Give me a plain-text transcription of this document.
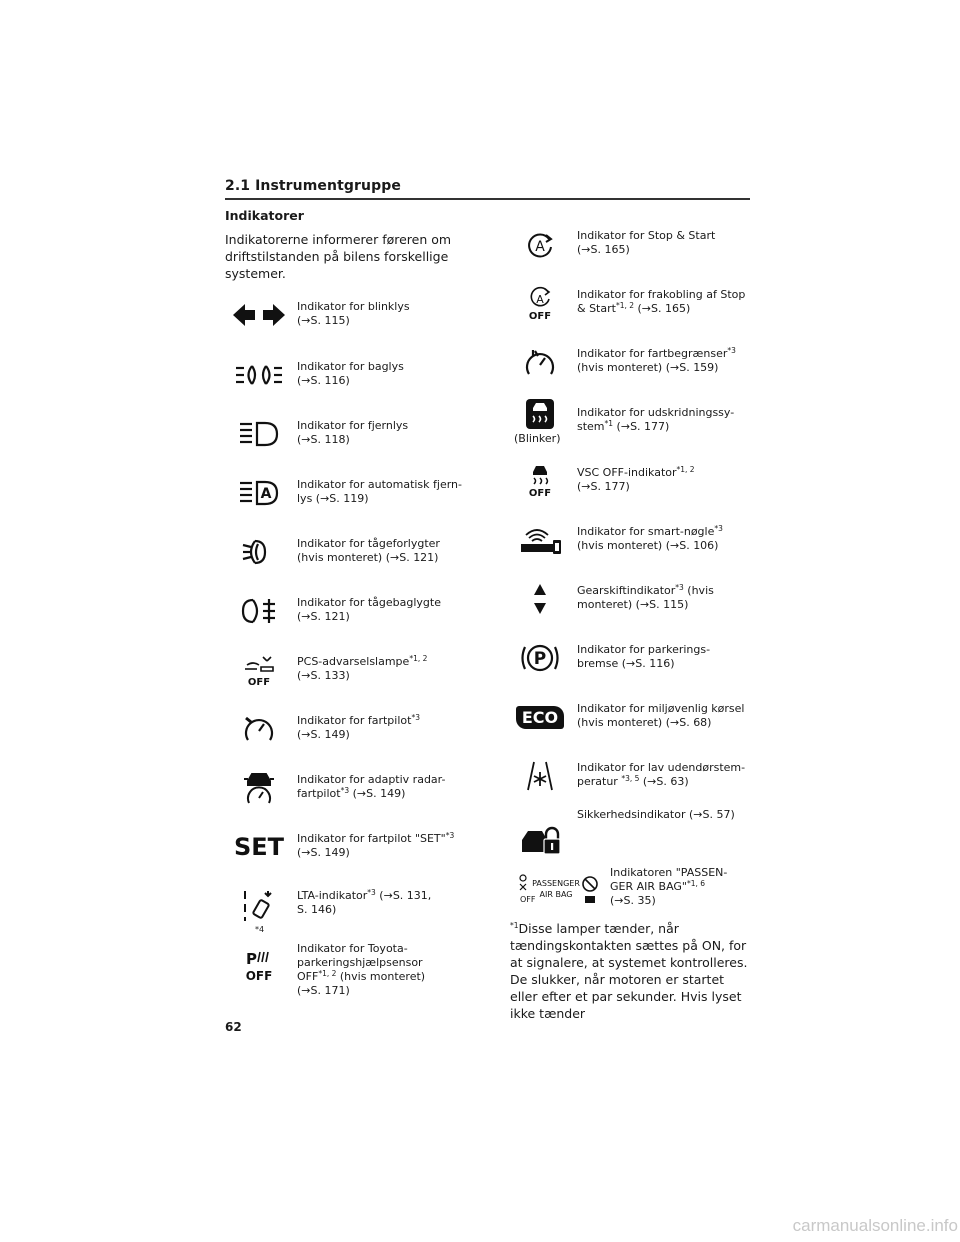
2.1 Instrumentgruppe
Indikatorer

Indikatorerne informerer føreren om driftstilstanden på bilens forskellige systemer.

Indikator for blinklys
(→S. 115)
Indikator for baglys
(→S. 116)
Indikator for fjernlys
(→S. 118)
A
Indikator for automatisk fjern-
lys (→S. 119)
Indikator for tågeforlygter
(hvis monteret) (→S. 121)
Indikator for tågebaglygte
(→S. 121)
OFF
PCS-advarselslampe$^{*1, 2}$
(→S. 133)
Indikator for fartpilot$^{*3}$
(→S. 149)
Indikator for adaptiv radar-
fartpilot$^{*3}$ (→S. 149)
SET Indikator for fartpilot "SET"$^{*3}$
(→S. 149)
*4
LTA-indikator$^{*3}$ (→S. 131,
S. 146)
P
OFF
Indikator for Toyota-
parkeringshjælpsensor
OFF$^{*1, 2}$ (hvis monteret)
(→S. 171)
A
Indikator for Stop & Start
(→S. 165)
A
OFF
Indikator for frakobling af Stop
& Start$^{*1, 2}$ (→S. 165)
Indikator for fartbegrænser$^{*3}$
(hvis monteret) (→S. 159)
(Blinker)
Indikator for udskridningssy-
stem$^{*1}$ (→S. 177)
OFF
VSC OFF-indikator$^{*1, 2}$
(→S. 177)
Indikator for smart-nøgle$^{*3}$
(hvis monteret) (→S. 106)
Gearskiftindikator$^{*3}$ (hvis
monteret) (→S. 115)
P	Indikator for parkerings-
bremse (→S. 116)
ECO	Indikator for miljøvenlig kørsel
(hvis monteret) (→S. 68)
Indikator for lav udendørstem-
peratur $^{*3, 5}$ (→S. 63)
Sikkerhedsindikator (→S. 57)
OFF
PASSENGER
AIR BAG
Indikatoren "PASSEN-
GER AIR BAG"$^{*1, 6}$
(→S. 35)
$^{*1}$Disse lamper tænder, når tændingskontakten sættes på ON, for at signalere, at systemet kontrolleres. De slukker, når motoren er startet eller efter et par sekunder. Hvis lyset ikke tænder
62
carmanualsonline.info
